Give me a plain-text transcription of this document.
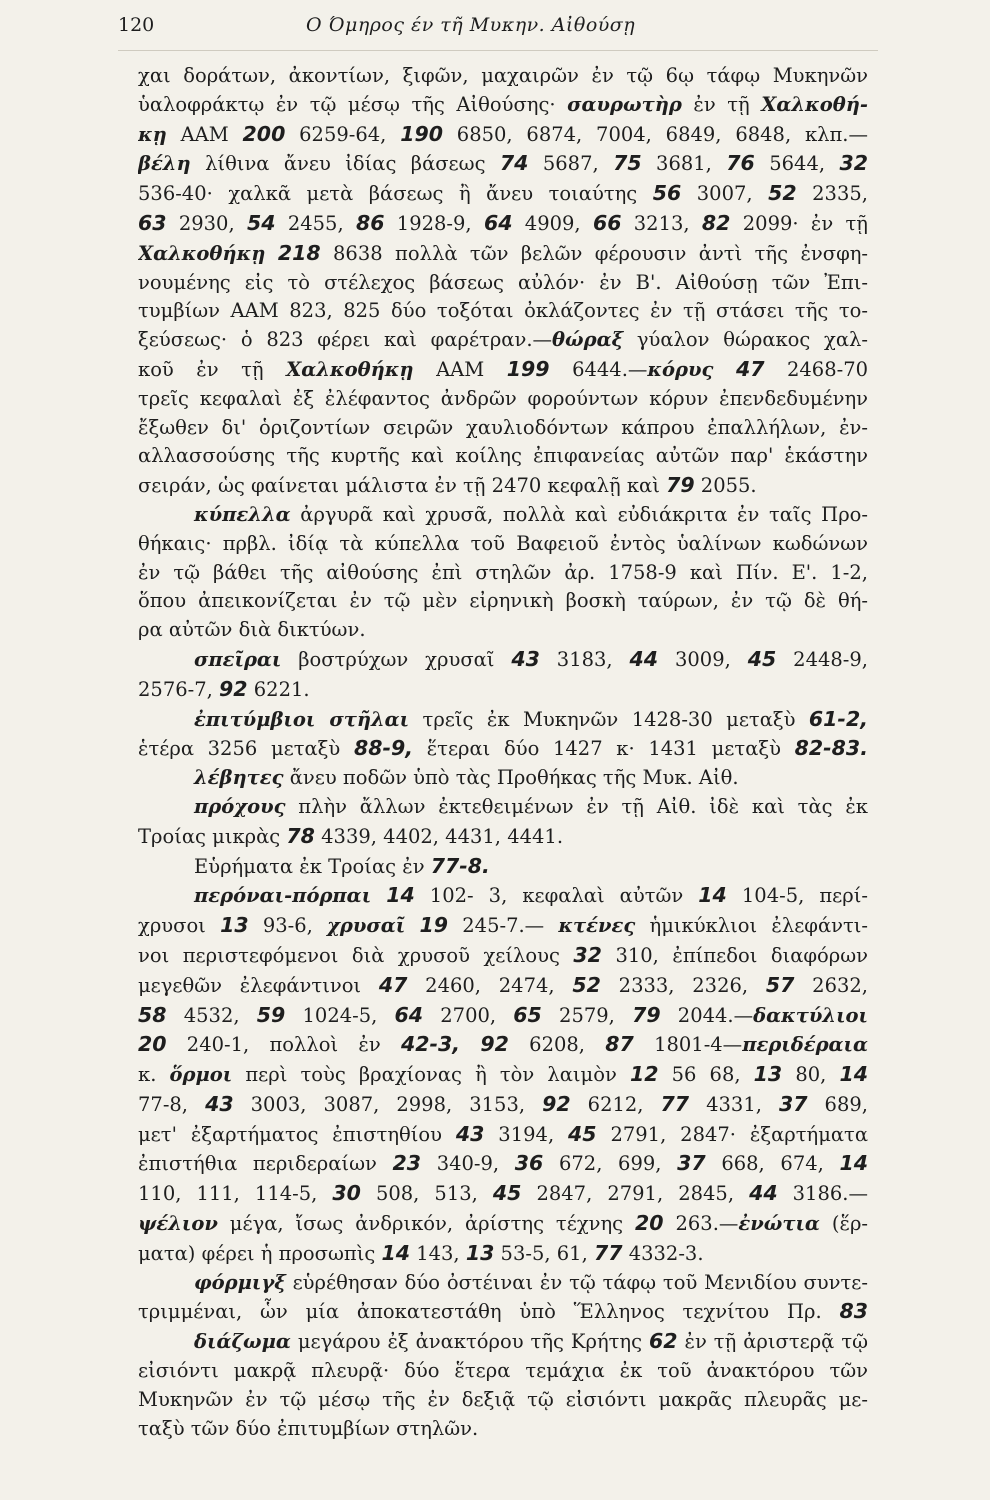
120	Ο Όμηρος έν τῆ Μυκην. Αἰθούσῃ
χαι δοράτων, ἀκοντίων, ξιφῶν, μαχαιρῶν ἐν τῷ 6ῳ τάφῳ Μυκηνῶν
ὑαλοφράκτῳ ἐν τῷ μέσῳ τῆς Αἰθούσης· σαυρωτὴρ ἐν τῇ Χαλκοθή-
κῃ ΑΑΜ 200 6259-64, 190 6850, 6874, 7004, 6849, 6848, κλπ.—
βέλη λίθινα ἄνευ ἰδίας βάσεως 74 5687, 75 3681, 76 5644, 32
536-40· χαλκᾶ μετὰ βάσεως ἢ ἄνευ τοιαύτης 56 3007, 52 2335,
63 2930, 54 2455, 86 1928-9, 64 4909, 66 3213, 82 2099· ἐν τῇ
Χαλκοθήκῃ 218 8638 πολλὰ τῶν βελῶν φέρουσιν ἀντὶ τῆς ἐνσφη-
νουμένης εἰς τὸ στέλεχος βάσεως αὐλόν· ἐν Β'. Αἰθούσῃ τῶν Ἐπι-
τυμβίων ΑΑΜ 823, 825 δύο τοξόται ὀκλάζοντες ἐν τῇ στάσει τῆς το-
ξεύσεως· ὁ 823 φέρει καὶ φαρέτραν.—θώραξ γύαλον θώρακος χαλ-
κοῦ ἐν τῇ Χαλκοθήκῃ ΑΑΜ 199 6444.—κόρυς 47 2468-70
τρεῖς κεφαλαὶ ἐξ ἐλέφαντος ἀνδρῶν φορούντων κόρυν ἐπενδεδυμένην
ἔξωθεν δι' ὁριζοντίων σειρῶν χαυλιοδόντων κάπρου ἐπαλλήλων, ἐν-
αλλασσούσης τῆς κυρτῆς καὶ κοίλης ἐπιφανείας αὐτῶν παρ' ἑκάστην
σειράν, ὡς φαίνεται μάλιστα ἐν τῇ 2470 κεφαλῇ καὶ 79 2055.
κύπελλα ἀργυρᾶ καὶ χρυσᾶ, πολλὰ καὶ εὐδιάκριτα ἐν ταῖς Προ-
θήκαις· πρβλ. ἰδίᾳ τὰ κύπελλα τοῦ Βαφειοῦ ἐντὸς ὑαλίνων κωδώνων
ἐν τῷ βάθει τῆς αἰθούσης ἐπὶ στηλῶν ἀρ. 1758-9 καὶ Πίν. Ε'. 1-2,
ὅπου ἀπεικονίζεται ἐν τῷ μὲν εἰρηνικὴ βοσκὴ ταύρων, ἐν τῷ δὲ θή-
ρα αὐτῶν διὰ δικτύων.
σπεῖραι βοστρύχων χρυσαῖ 43 3183, 44 3009, 45 2448-9,
2576-7, 92 6221.
ἐπιτύμβιοι στῆλαι τρεῖς ἐκ Μυκηνῶν 1428-30 μεταξὺ 61-2,
ἑτέρα 3256 μεταξὺ 88-9, ἕτεραι δύο 1427 κ· 1431 μεταξὺ 82-83.
λέβητες ἄνευ ποδῶν ὑπὸ τὰς Προθήκας τῆς Μυκ. Αἰθ.
πρόχους πλὴν ἄλλων ἐκτεθειμένων ἐν τῇ Αἰθ. ἰδὲ καὶ τὰς ἐκ
Τροίας μικρὰς 78 4339, 4402, 4431, 4441.
Εὑρήματα ἐκ Τροίας ἐν 77-8.
περόναι-πόρπαι 14 102- 3, κεφαλαὶ αὐτῶν 14 104-5, περί-
χρυσοι 13 93-6, χρυσαῖ 19 245-7.— κτένες ἡμικύκλιοι ἐλεφάντι-
νοι περιστεφόμενοι διὰ χρυσοῦ χείλους 32 310, ἐπίπεδοι διαφόρων
μεγεθῶν ἐλεφάντινοι 47 2460, 2474, 52 2333, 2326, 57 2632,
58 4532, 59 1024-5, 64 2700, 65 2579, 79 2044.—δακτύλιοι
20 240-1, πολλοὶ ἐν 42-3, 92 6208, 87 1801-4—περιδέραια
κ. ὅρμοι περὶ τοὺς βραχίονας ἢ τὸν λαιμὸν 12 56 68, 13 80, 14
77-8, 43 3003, 3087, 2998, 3153, 92 6212, 77 4331, 37 689,
μετ' ἐξαρτήματος ἐπιστηθίου 43 3194, 45 2791, 2847· ἐξαρτήματα
ἐπιστήθια περιδεραίων 23 340-9, 36 672, 699, 37 668, 674, 14
110, 111, 114-5, 30 508, 513, 45 2847, 2791, 2845, 44 3186.—
ψέλιον μέγα, ἴσως ἀνδρικόν, ἀρίστης τέχνης 20 263.—ἐνώτια (ἕρ-
ματα) φέρει ἡ προσωπὶς 14 143, 13 53-5, 61, 77 4332-3.
φόρμιγξ εὑρέθησαν δύο ὀστέιναι ἐν τῷ τάφῳ τοῦ Μενιδίου συντε-
τριμμέναι, ὧν μία ἀποκατεστάθη ὑπὸ Ἕλληνος τεχνίτου Πρ. 83
διάζωμα μεγάρου ἐξ ἀνακτόρου τῆς Κρήτης 62 ἐν τῇ ἀριστερᾷ τῷ
εἰσιόντι μακρᾷ πλευρᾷ· δύο ἕτερα τεμάχια ἐκ τοῦ ἀνακτόρου τῶν
Μυκηνῶν ἐν τῷ μέσῳ τῆς ἐν δεξιᾷ τῷ εἰσιόντι μακρᾶς πλευρᾶς με-
ταξὺ τῶν δύο ἐπιτυμβίων στηλῶν.
